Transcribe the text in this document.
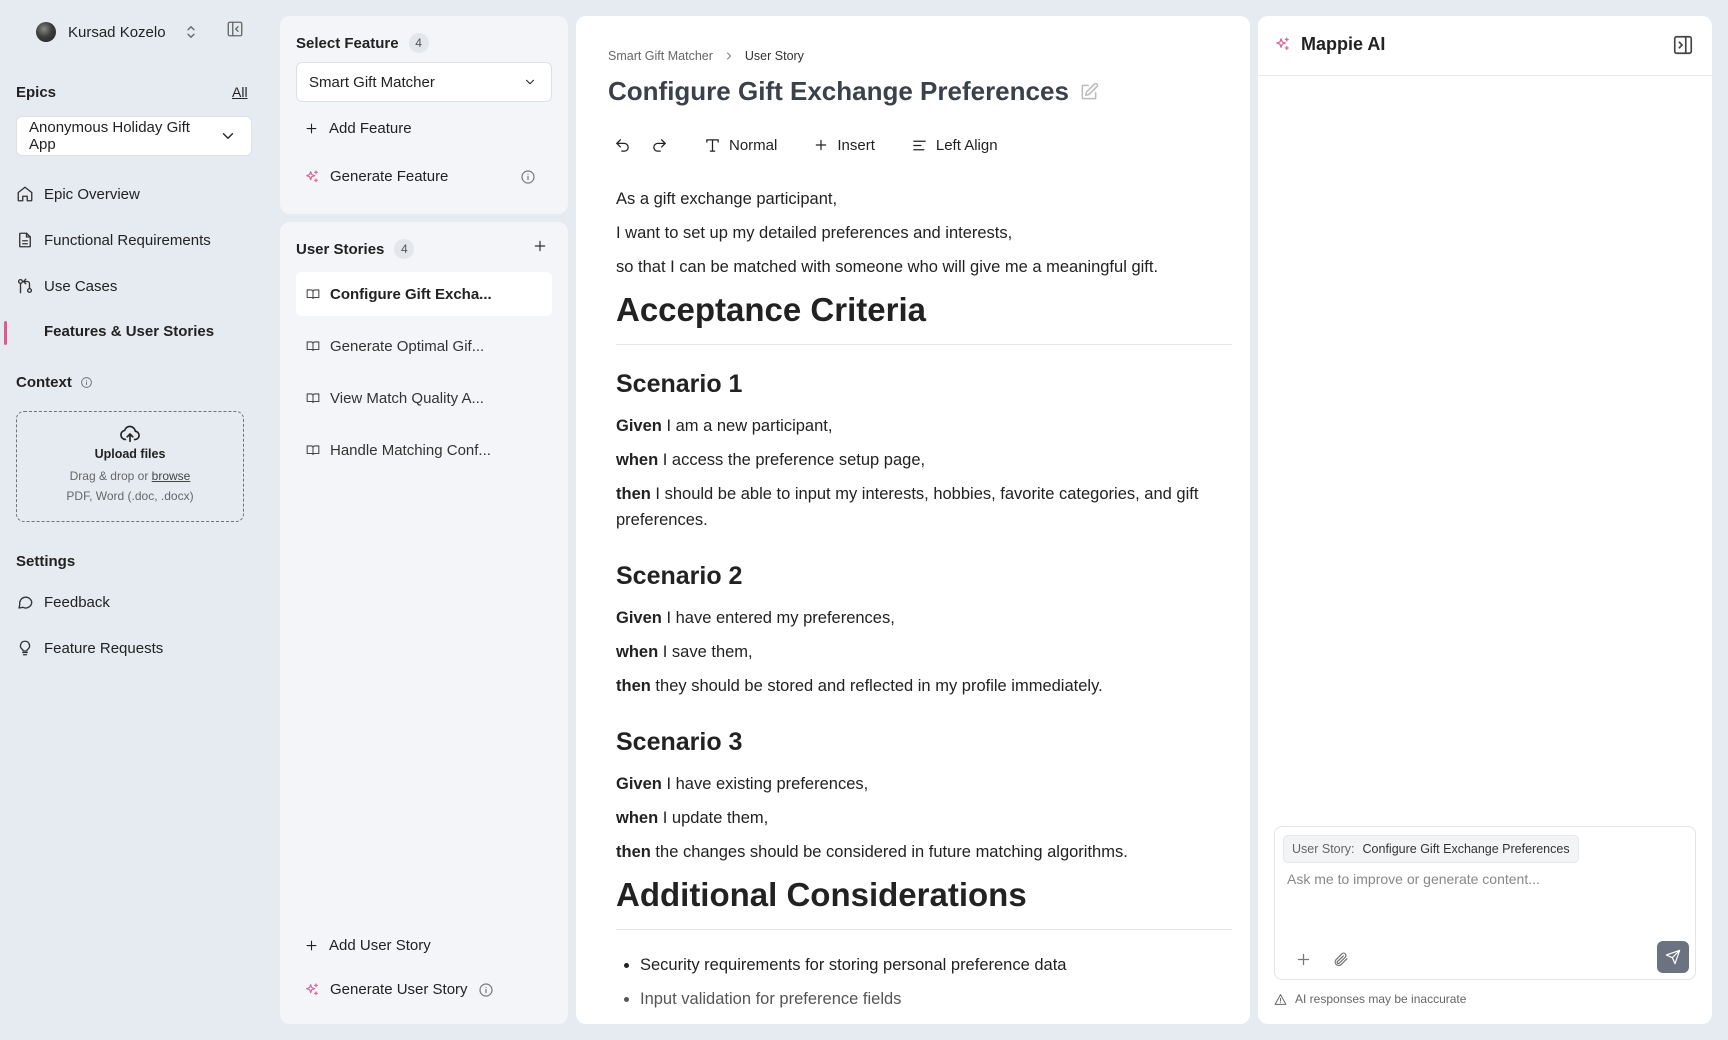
Kursad Kozelo
Epics	All
Anonymous Holiday Gift App
Epic Overview
Functional Requirements
Use Cases
Features & User Stories
Context
Upload files
Drag & drop or browse
PDF, Word (.doc, .docx)
Settings
Feedback
Feature Requests
Select Feature	4
Smart Gift Matcher
Add Feature
Generate Feature
User Stories	4
Configure Gift Excha...
Generate Optimal Gif...
View Match Quality A...
Handle Matching Conf...
Add User Story
Generate User Story
Smart Gift Matcher	User Story
Configure Gift Exchange Preferences
Normal	Insert	Left Align
As a gift exchange participant,
I want to set up my detailed preferences and interests,
so that I can be matched with someone who will give me a meaningful gift.
Acceptance Criteria
Scenario 1
Given I am a new participant,
when I access the preference setup page,
then I should be able to input my interests, hobbies, favorite categories, and gift preferences.
Scenario 2
Given I have entered my preferences,
when I save them,
then they should be stored and reflected in my profile immediately.
Scenario 3
Given I have existing preferences,
when I update them,
then the changes should be considered in future matching algorithms.
Additional Considerations
• Security requirements for storing personal preference data
• Input validation for preference fields
Mappie AI
User Story: Configure Gift Exchange Preferences
Ask me to improve or generate content...
AI responses may be inaccurate
